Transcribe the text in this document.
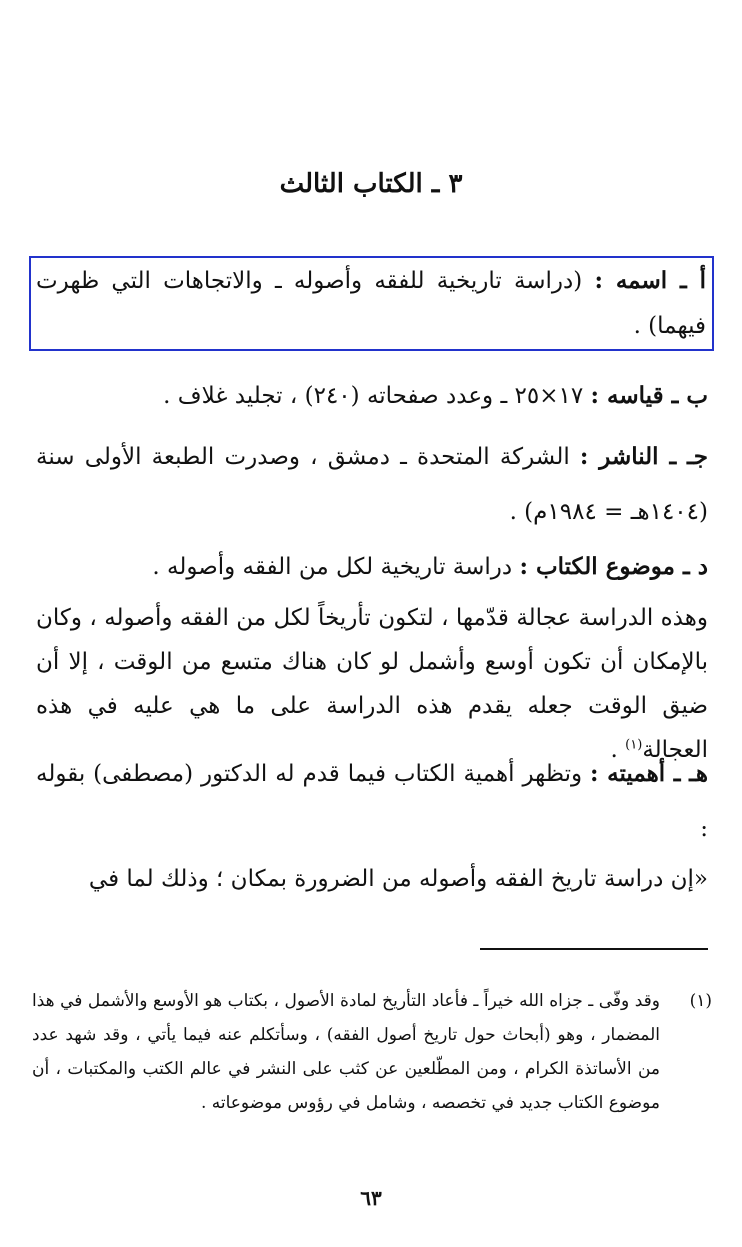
٣ ـ الكتاب الثالث
أ ـ اسمه : (دراسة تاريخية للفقه وأصوله ـ والاتجاهات التي ظهرت فيهما) .
ب ـ قياسه : ١٧×٢٥ ـ وعدد صفحاته (٢٤٠) ، تجليد غلاف .
جـ ـ الناشر : الشركة المتحدة ـ دمشق ، وصدرت الطبعة الأولى سنة (١٤٠٤هـ = ١٩٨٤م) .
د ـ موضوع الكتاب : دراسة تاريخية لكل من الفقه وأصوله .
وهذه الدراسة عجالة قدّمها ، لتكون تأريخاً لكل من الفقه وأصوله ، وكان بالإمكان أن تكون أوسع وأشمل لو كان هناك متسع من الوقت ، إلا أن ضيق الوقت جعله يقدم هذه الدراسة على ما هي عليه في هذه العجالة$^{(١)}$ .
هـ ـ أهميته : وتظهر أهمية الكتاب فيما قدم له الدكتور (مصطفى) بقوله :
«إن دراسة تاريخ الفقه وأصوله من الضرورة بمكان ؛ وذلك لما في
(١)
وقد وفّى ـ جزاه الله خيراً ـ فأعاد التأريخ لمادة الأصول ، بكتاب هو الأوسع والأشمل في هذا المضمار ، وهو (أبحاث حول تاريخ أصول الفقه) ، وسأتكلم عنه فيما يأتي ، وقد شهد عدد من الأساتذة الكرام ، ومن المطّلعين عن كثب على النشر في عالم الكتب والمكتبات ، أن موضوع الكتاب جديد في تخصصه ، وشامل في رؤوس موضوعاته .
٦٣
